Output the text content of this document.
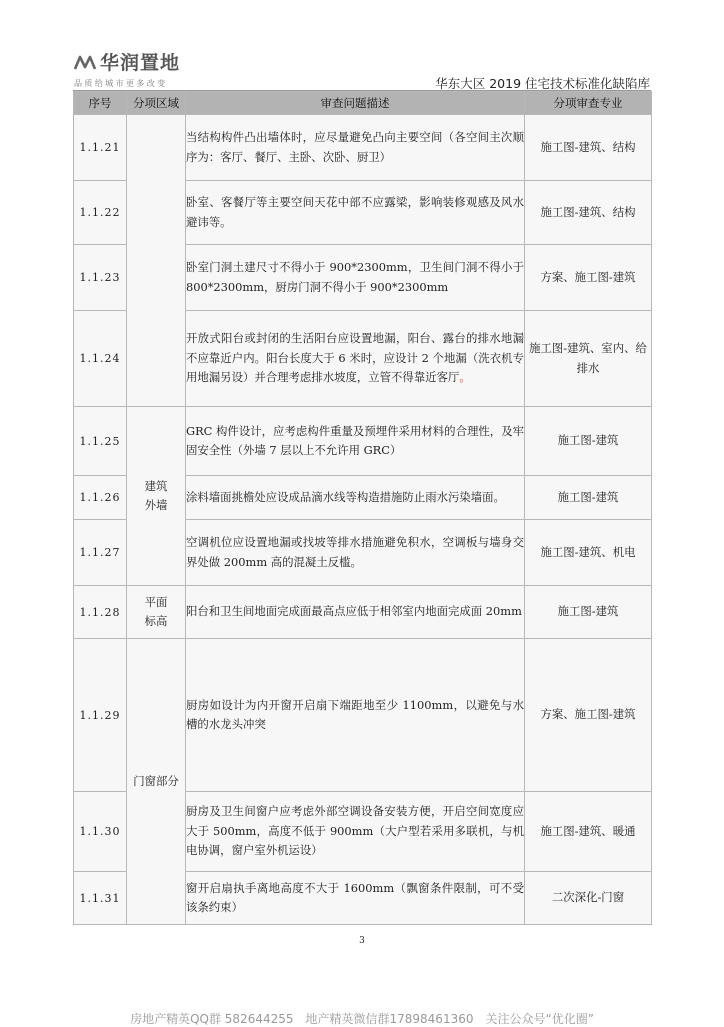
华润置地
品质给城市更多改变	华东大区 2019 住宅技术标准化缺陷库
序号	分项区域	审查问题描述	分项审查专业
1.1.21		当结构构件凸出墙体时，应尽量避免凸向主要空间（各空间主次顺序为：客厅、餐厅、主卧、次卧、厨卫）	施工图-建筑、结构
1.1.22		卧室、客餐厅等主要空间天花中部不应露梁，影响装修观感及风水避讳等。	施工图-建筑、结构
1.1.23		卧室门洞土建尺寸不得小于 900*2300mm，卫生间门洞不得小于 800*2300mm，厨房门洞不得小于 900*2300mm	方案、施工图-建筑
1.1.24		开放式阳台或封闭的生活阳台应设置地漏，阳台、露台的排水地漏不应靠近户内。阳台长度大于 6 米时，应设计 2 个地漏（洗衣机专用地漏另设）并合理考虑排水坡度，立管不得靠近客厅。	施工图-建筑、室内、给排水
1.1.25	建筑外墙	GRC 构件设计，应考虑构件重量及预埋件采用材料的合理性，及牢固安全性（外墙 7 层以上不允许用 GRC）	施工图-建筑
1.1.26		涂料墙面挑檐处应设成品滴水线等构造措施防止雨水污染墙面。	施工图-建筑
1.1.27		空调机位应设置地漏或找坡等排水措施避免积水，空调板与墙身交界处做 200mm 高的混凝土反槛。	施工图-建筑、机电
1.1.28	平面标高	阳台和卫生间地面完成面最高点应低于相邻室内地面完成面 20mm	施工图-建筑
1.1.29	门窗部分	厨房如设计为内开窗开启扇下端距地至少 1100mm，以避免与水槽的水龙头冲突	方案、施工图-建筑
1.1.30		厨房及卫生间窗户应考虑外部空调设备安装方便，开启空间宽度应大于 500mm，高度不低于 900mm（大户型若采用多联机，与机电协调，窗户室外机运设）	施工图-建筑、暖通
1.1.31		窗开启扇执手离地高度不大于 1600mm（飘窗条件限制，可不受该条约束）	二次深化-门窗
3
房地产精英QQ群 582644255　地产精英微信群17898461360　关注公众号“优化圈”
